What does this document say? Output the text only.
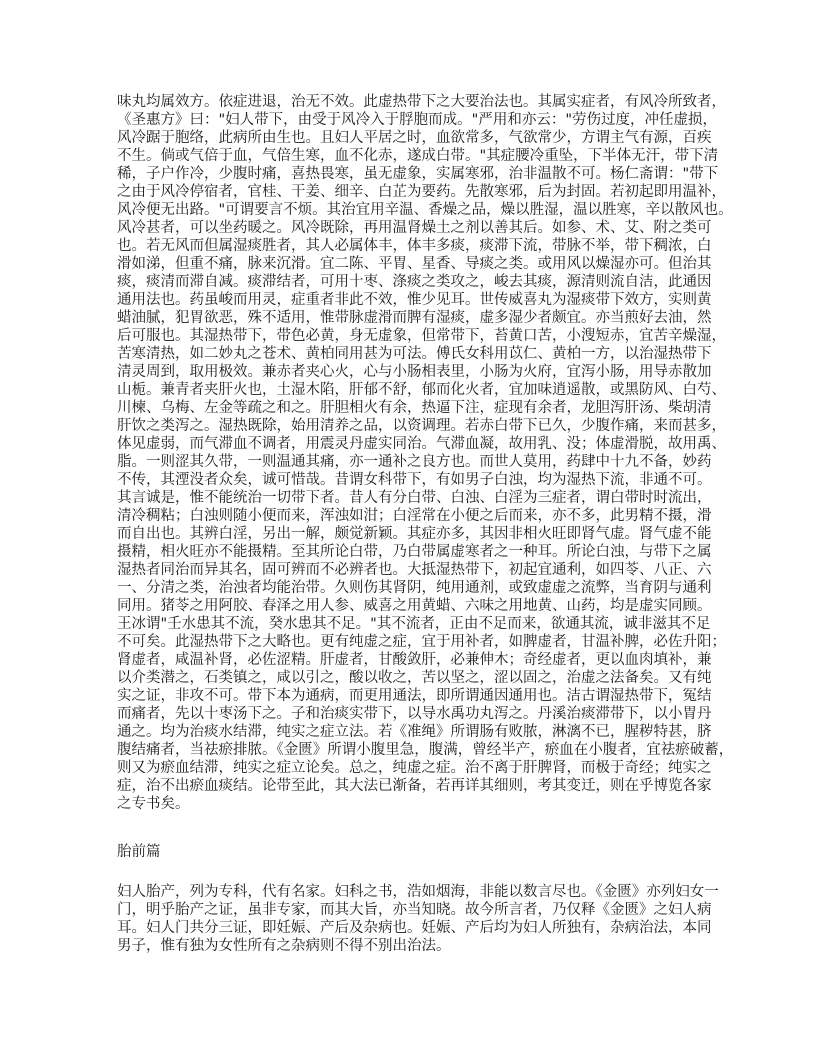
味丸均属效方。依症进退，治无不效。此虚热带下之大要治法也。其属实症者，有风冷所致者，
《圣惠方》曰："妇人带下，由受于风冷入于脬胞而成。"严用和亦云："劳伤过度，冲任虚损，
风冷踞于胞络，此病所由生也。且妇人平居之时，血欲常多，气欲常少，方谓主气有源，百疾
不生。倘或气倍于血，气倍生寒，血不化赤，遂成白带。"其症腰冷重坠，下半体无汗，带下清
稀，子户作冷，少腹时痛，喜热畏寒，虽无虚象，实属寒邪，治非温散不可。杨仁斋谓："带下
之由于风冷停宿者，官桂、干姜、细辛、白芷为要药。先散寒邪，后为封固。若初起即用温补，
风冷便无出路。"可谓要言不烦。其治宜用辛温、香燥之品，燥以胜湿，温以胜寒，辛以散风也。
风冷甚者，可以坐药暖之。风冷既除，再用温肾燥土之剂以善其后。如参、术、艾、附之类可
也。若无风而但属湿痰胜者，其人必属体丰，体丰多痰，痰滞下流，带脉不举，带下稠浓，白
滑如涕，但重不痛，脉来沉滑。宜二陈、平胃、星香、导痰之类。或用风以燥湿亦可。但治其
痰，痰清而滞自减。痰滞结者，可用十枣、涤痰之类攻之，峻去其痰，源清则流自洁，此通因
通用法也。药虽峻而用灵，症重者非此不效，惟少见耳。世传威喜丸为湿痰带下效方，实则黄
蜡油腻，犯胃欲恶，殊不适用，惟带脉虚滑而脾有湿痰，虚多湿少者颇宜。亦当煎好去油，然
后可服也。其湿热带下，带色必黄，身无虚象，但常带下，苔黄口苦，小溲短赤，宜苦辛燥湿，
苦寒清热，如二妙丸之苍术、黄柏同用甚为可法。傅氏女科用苡仁、黄柏一方，以治湿热带下
清灵周到，取用极效。兼赤者夹心火，心与小肠相表里，小肠为火府，宜泻小肠，用导赤散加
山栀。兼青者夹肝火也，土湿木陷，肝郁不舒，郁而化火者，宜加味逍遥散，或黑防风、白芍、
川楝、乌梅、左金等疏之和之。肝胆相火有余，热逼下注，症现有余者，龙胆泻肝汤、柴胡清
肝饮之类泻之。湿热既除，始用清养之品，以资调理。若赤白带下已久，少腹作痛，来而甚多，
体见虚弱，而气滞血不调者，用震灵丹虚实同治。气滞血凝，故用乳、没；体虚滑脱，故用禹、
脂。一则涩其久带，一则温通其痛，亦一通补之良方也。而世人莫用，药肆中十九不备，妙药
不传，其湮没者众矣，诚可惜哉。昔谓女科带下，有如男子白浊，均为湿热下流，非通不可。
其言诚是，惟不能统治一切带下者。昔人有分白带、白浊、白淫为三症者，谓白带时时流出，
清冷稠粘；白浊则随小便而来，浑浊如泔；白淫常在小便之后而来，亦不多，此男精不摄，滑
而自出也。其辨白淫，另出一解，颇觉新颖。其症亦多，其因非相火旺即肾气虚。肾气虚不能
摄精，相火旺亦不能摄精。至其所论白带，乃白带属虚寒者之一种耳。所论白浊，与带下之属
湿热者同治而异其名，固可辨而不必辨者也。大抵湿热带下，初起宜通利，如四苓、八正、六
一、分清之类，治浊者均能治带。久则伤其肾阴，纯用通剂，或致虚虚之流弊，当育阴与通利
同用。猪苓之用阿胶、春泽之用人参、威喜之用黄蜡、六味之用地黄、山药，均是虚实同顾。
王冰谓"壬水患其不流，癸水患其不足。"其不流者，正由不足而来，欲通其流，诚非滋其不足
不可矣。此湿热带下之大略也。更有纯虚之症，宜于用补者，如脾虚者，甘温补脾，必佐升阳；
肾虚者，咸温补肾，必佐涩精。肝虚者，甘酸敛肝，必兼伸木；奇经虚者，更以血肉填补，兼
以介类潜之，石类镇之，咸以引之，酸以收之，苦以坚之，涩以固之，治虚之法备矣。又有纯
实之证，非攻不可。带下本为通病，而更用通法，即所谓通因通用也。洁古谓湿热带下，冤结
而痛者，先以十枣汤下之。子和治痰实带下，以导水禹功丸泻之。丹溪治痰滞带下，以小胃丹
通之。均为治痰水结滞，纯实之症立法。若《准绳》所谓肠有败脓，淋漓不已，腥秽特甚，脐
腹结痛者，当祛瘀排脓。《金匮》所谓小腹里急，腹满，曾经半产，瘀血在小腹者，宜祛瘀破蓄，
则又为瘀血结滞，纯实之症立论矣。总之，纯虚之症。治不离于肝脾肾，而极于奇经；纯实之
症，治不出瘀血痰结。论带至此，其大法已渐备，若再详其细则，考其变迁，则在乎博览各家
之专书矣。
胎前篇
妇人胎产，列为专科，代有名家。妇科之书，浩如烟海，非能以数言尽也。《金匮》亦列妇女一
门，明乎胎产之证，虽非专家，而其大旨，亦当知晓。故今所言者，乃仅释《金匮》之妇人病
耳。妇人门共分三证，即妊娠、产后及杂病也。妊娠、产后均为妇人所独有，杂病治法，本同
男子，惟有独为女性所有之杂病则不得不别出治法。
